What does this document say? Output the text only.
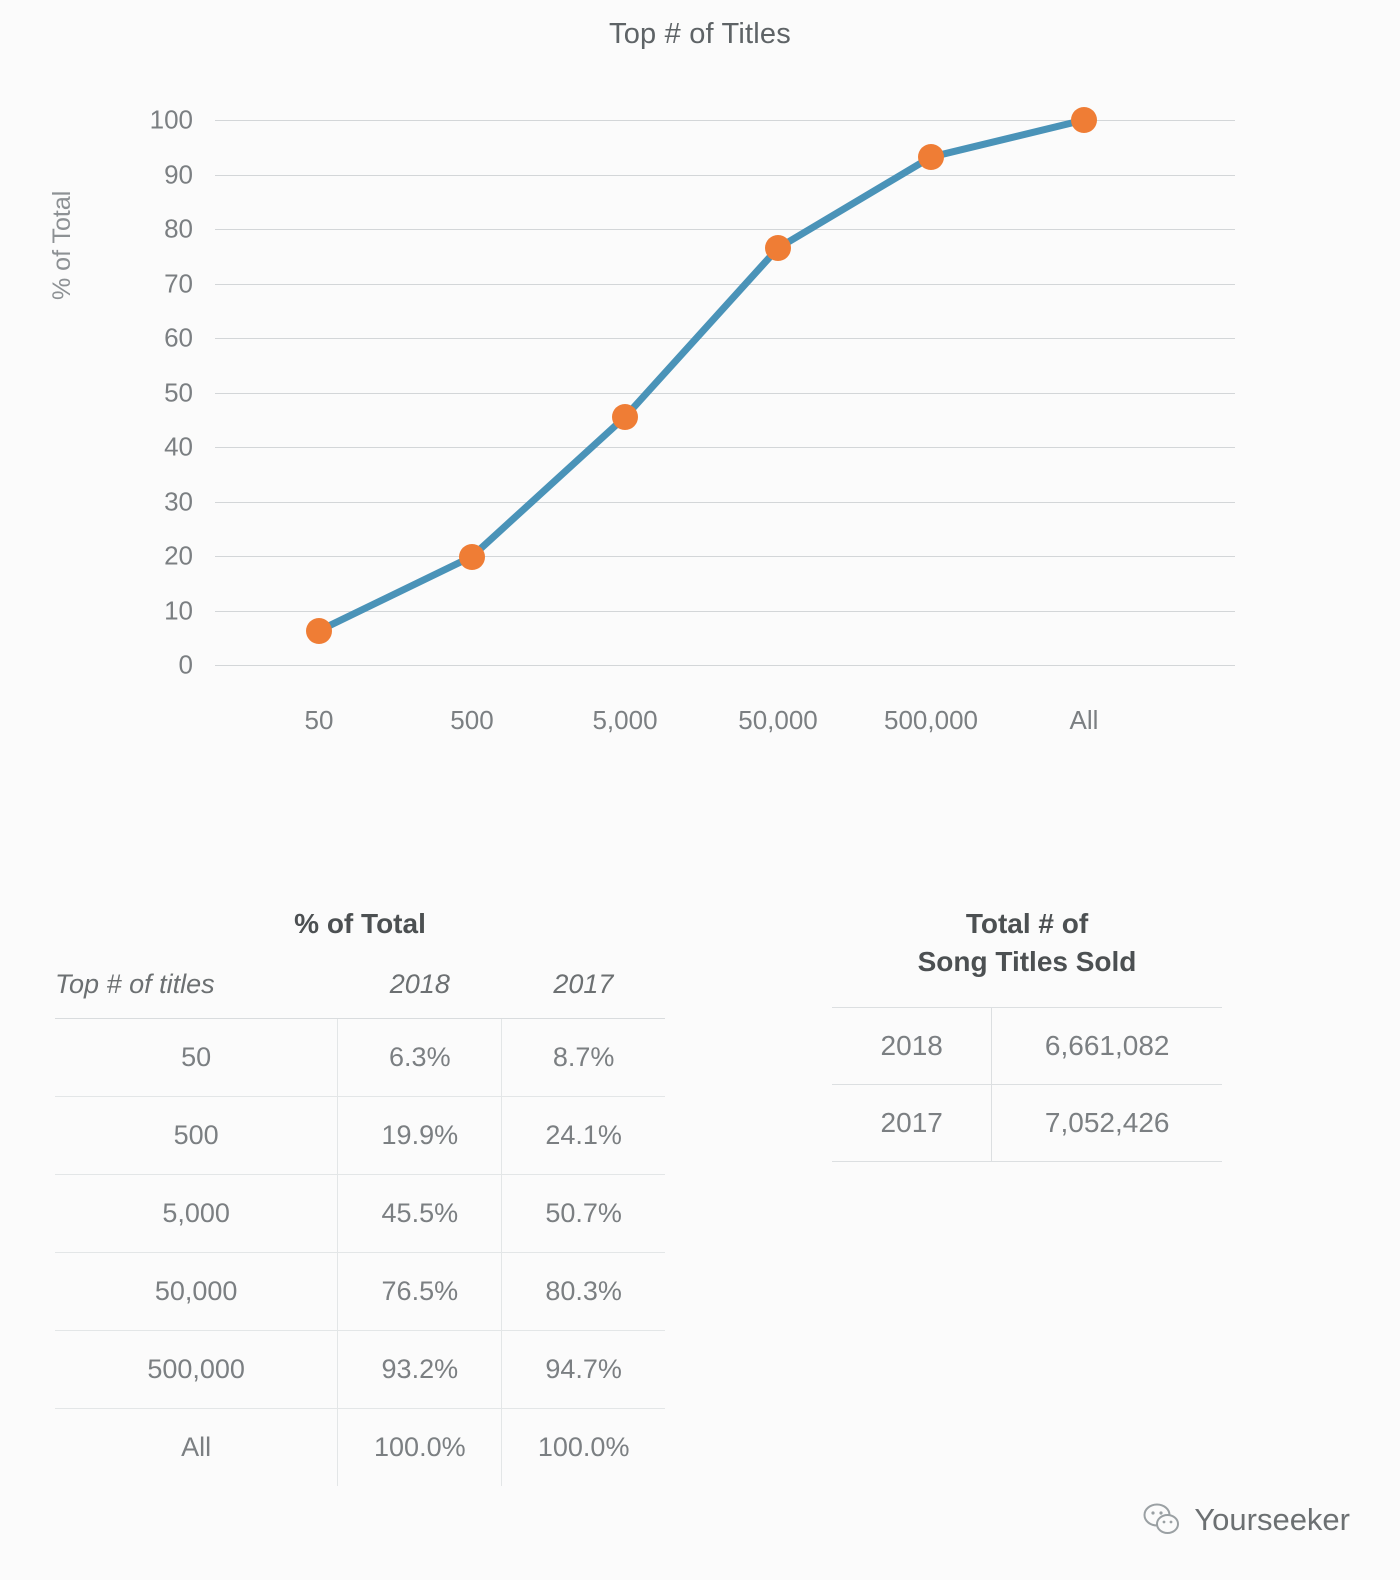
Top # of Titles
% of Total
100
90
80
70
60
50
40
30
20
10
0
50	500	5,000	50,000	500,000	All
% of Total
Top # of titles	2018	2017
50	6.3%	8.7%
500	19.9%	24.1%
5,000	45.5%	50.7%
50,000	76.5%	80.3%
500,000	93.2%	94.7%
All	100.0%	100.0%
Total # of
Song Titles Sold
2018	6,661,082
2017	7,052,426
Yourseeker
